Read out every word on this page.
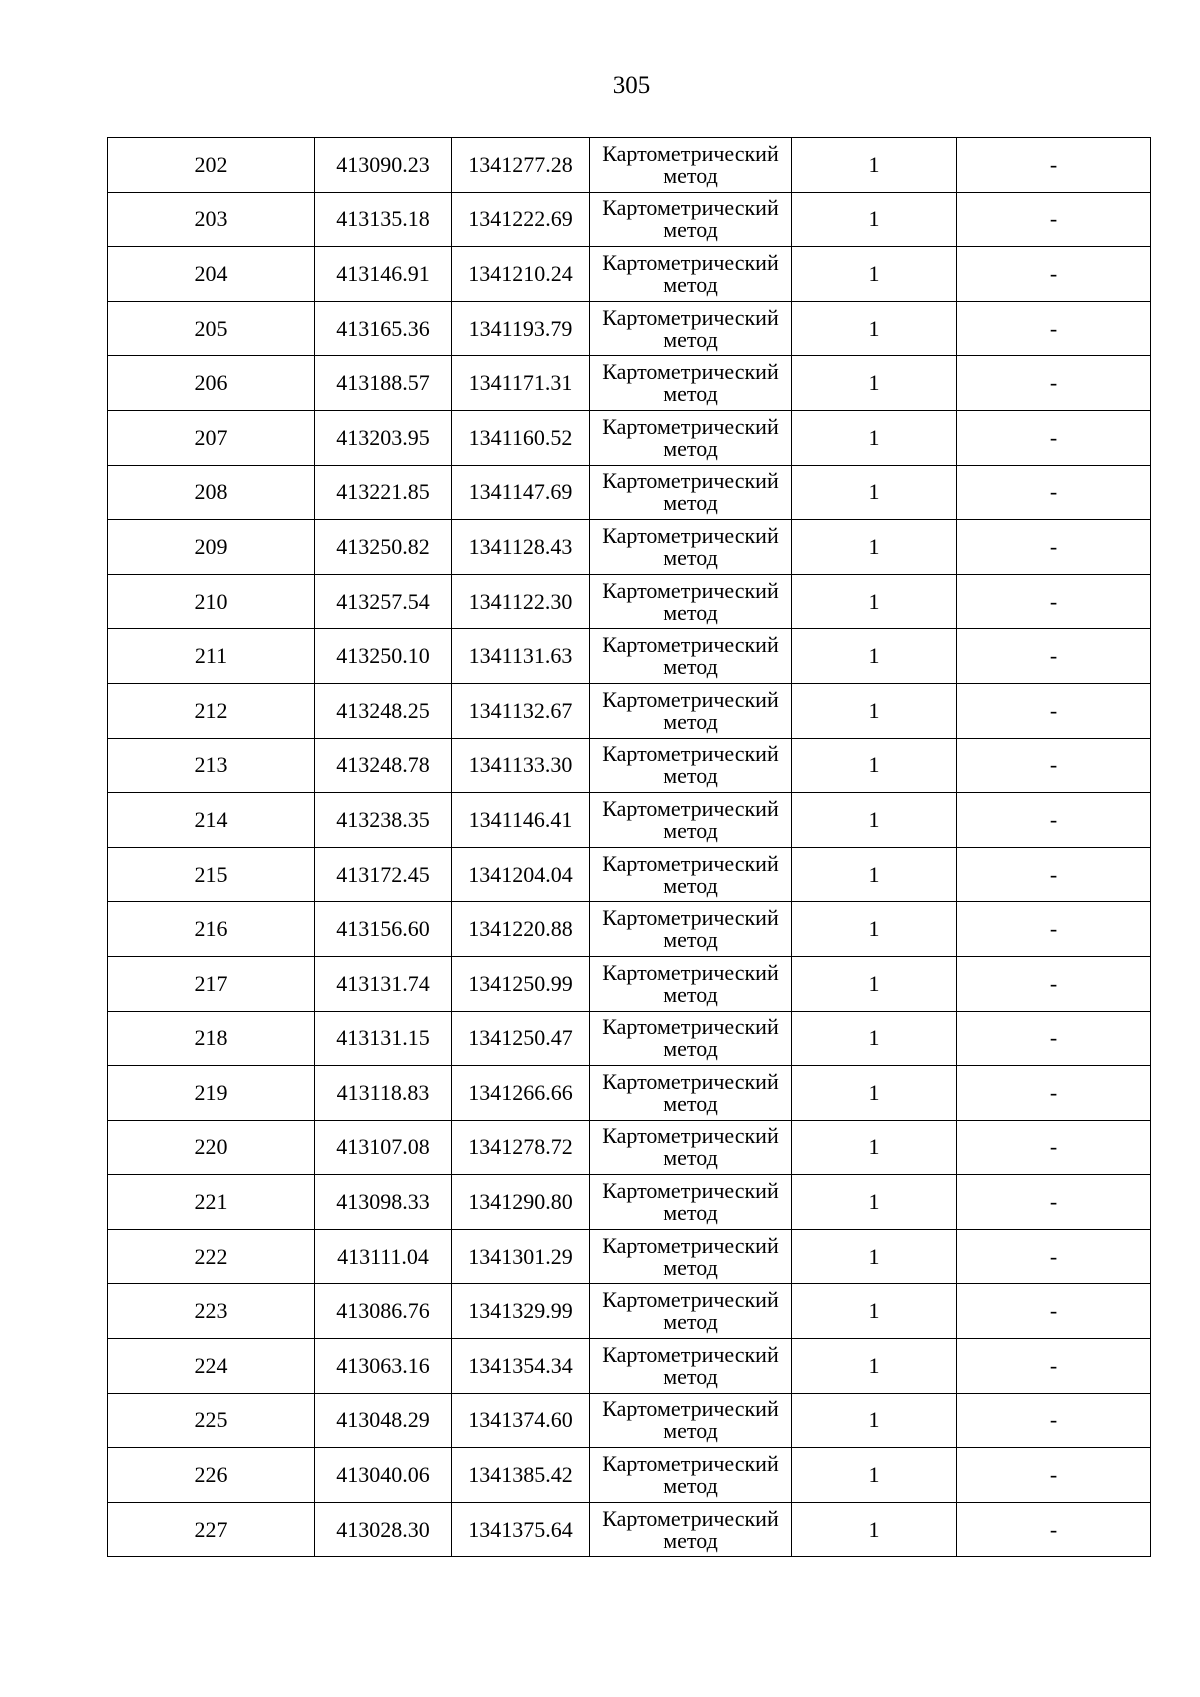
305
202	413090.23	1341277.28	Картометрический метод	1	-
203	413135.18	1341222.69	Картометрический метод	1	-
204	413146.91	1341210.24	Картометрический метод	1	-
205	413165.36	1341193.79	Картометрический метод	1	-
206	413188.57	1341171.31	Картометрический метод	1	-
207	413203.95	1341160.52	Картометрический метод	1	-
208	413221.85	1341147.69	Картометрический метод	1	-
209	413250.82	1341128.43	Картометрический метод	1	-
210	413257.54	1341122.30	Картометрический метод	1	-
211	413250.10	1341131.63	Картометрический метод	1	-
212	413248.25	1341132.67	Картометрический метод	1	-
213	413248.78	1341133.30	Картометрический метод	1	-
214	413238.35	1341146.41	Картометрический метод	1	-
215	413172.45	1341204.04	Картометрический метод	1	-
216	413156.60	1341220.88	Картометрический метод	1	-
217	413131.74	1341250.99	Картометрический метод	1	-
218	413131.15	1341250.47	Картометрический метод	1	-
219	413118.83	1341266.66	Картометрический метод	1	-
220	413107.08	1341278.72	Картометрический метод	1	-
221	413098.33	1341290.80	Картометрический метод	1	-
222	413111.04	1341301.29	Картометрический метод	1	-
223	413086.76	1341329.99	Картометрический метод	1	-
224	413063.16	1341354.34	Картометрический метод	1	-
225	413048.29	1341374.60	Картометрический метод	1	-
226	413040.06	1341385.42	Картометрический метод	1	-
227	413028.30	1341375.64	Картометрический метод	1	-
